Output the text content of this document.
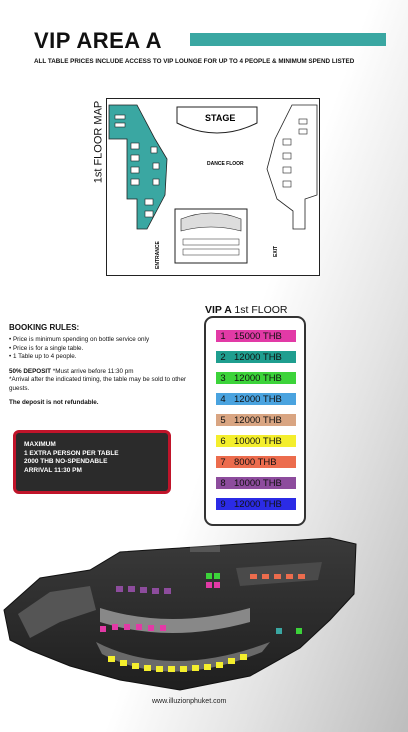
VIP AREA A
ALL TABLE PRICES INCLUDE ACCESS TO VIP LOUNGE FOR UP TO 4 PEOPLE & MINIMUM SPEND LISTED
1st FLOOR MAP	STAGE
DANCE FLOOR
ENTRANCE	EXIT
BOOKING RULES:
• Price is minimum spending on bottle service only
• Price is for a single table.
• 1 Table up to 4 people.
50% DEPOSIT *Must arrive before 11:30 pm
*Arrival after the indicated timing, the table may be sold to other guests.
The deposit is not refundable.
MAXIMUM
1 EXTRA PERSON PER TABLE
2000 THB NO-SPENDABLE
ARRIVAL 11:30 PM
VIP A 1st FLOOR
1 15000 THB
2 12000 THB
3 12000 THB
4 12000 THB
5 12000 THB
6 10000 THB
7 8000 THB
8 10000 THB
9 12000 THB
www.illuzionphuket.com
